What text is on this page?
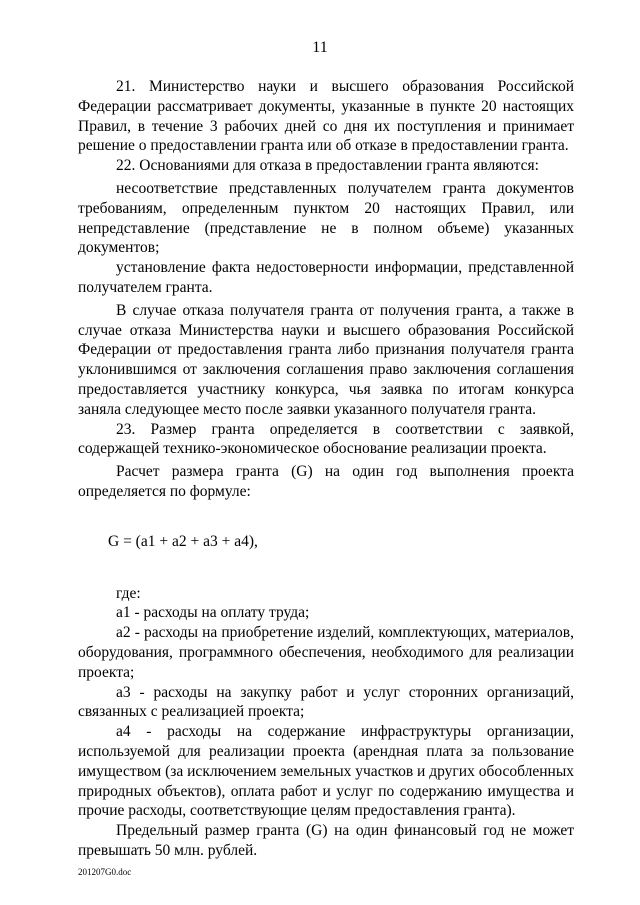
11

21. Министерство науки и высшего образования Российской Федерации рассматривает документы, указанные в пункте 20 настоящих Правил, в течение 3 рабочих дней со дня их поступления и принимает решение о предоставлении гранта или об отказе в предоставлении гранта.

22. Основаниями для отказа в предоставлении гранта являются:

несоответствие представленных получателем гранта документов требованиям, определенным пунктом 20 настоящих Правил, или непредставление (представление не в полном объеме) указанных документов;

установление факта недостоверности информации, представленной получателем гранта.

В случае отказа получателя гранта от получения гранта, а также в случае отказа Министерства науки и высшего образования Российской Федерации от предоставления гранта либо признания получателя гранта уклонившимся от заключения соглашения право заключения соглашения предоставляется участнику конкурса, чья заявка по итогам конкурса заняла следующее место после заявки указанного получателя гранта.

23. Размер гранта определяется в соответствии с заявкой, содержащей технико-экономическое обоснование реализации проекта.

Расчет размера гранта (G) на один год выполнения проекта определяется по формуле:

G = (a1 + a2 + a3 + a4),

где:

a1 - расходы на оплату труда;

a2 - расходы на приобретение изделий, комплектующих, материалов, оборудования, программного обеспечения, необходимого для реализации проекта;

a3 - расходы на закупку работ и услуг сторонних организаций, связанных с реализацией проекта;

a4 - расходы на содержание инфраструктуры организации, используемой для реализации проекта (арендная плата за пользование имуществом (за исключением земельных участков и других обособленных природных объектов), оплата работ и услуг по содержанию имущества и прочие расходы, соответствующие целям предоставления гранта).

Предельный размер гранта (G) на один финансовый год не может превышать 50 млн. рублей.

201207G0.doc
